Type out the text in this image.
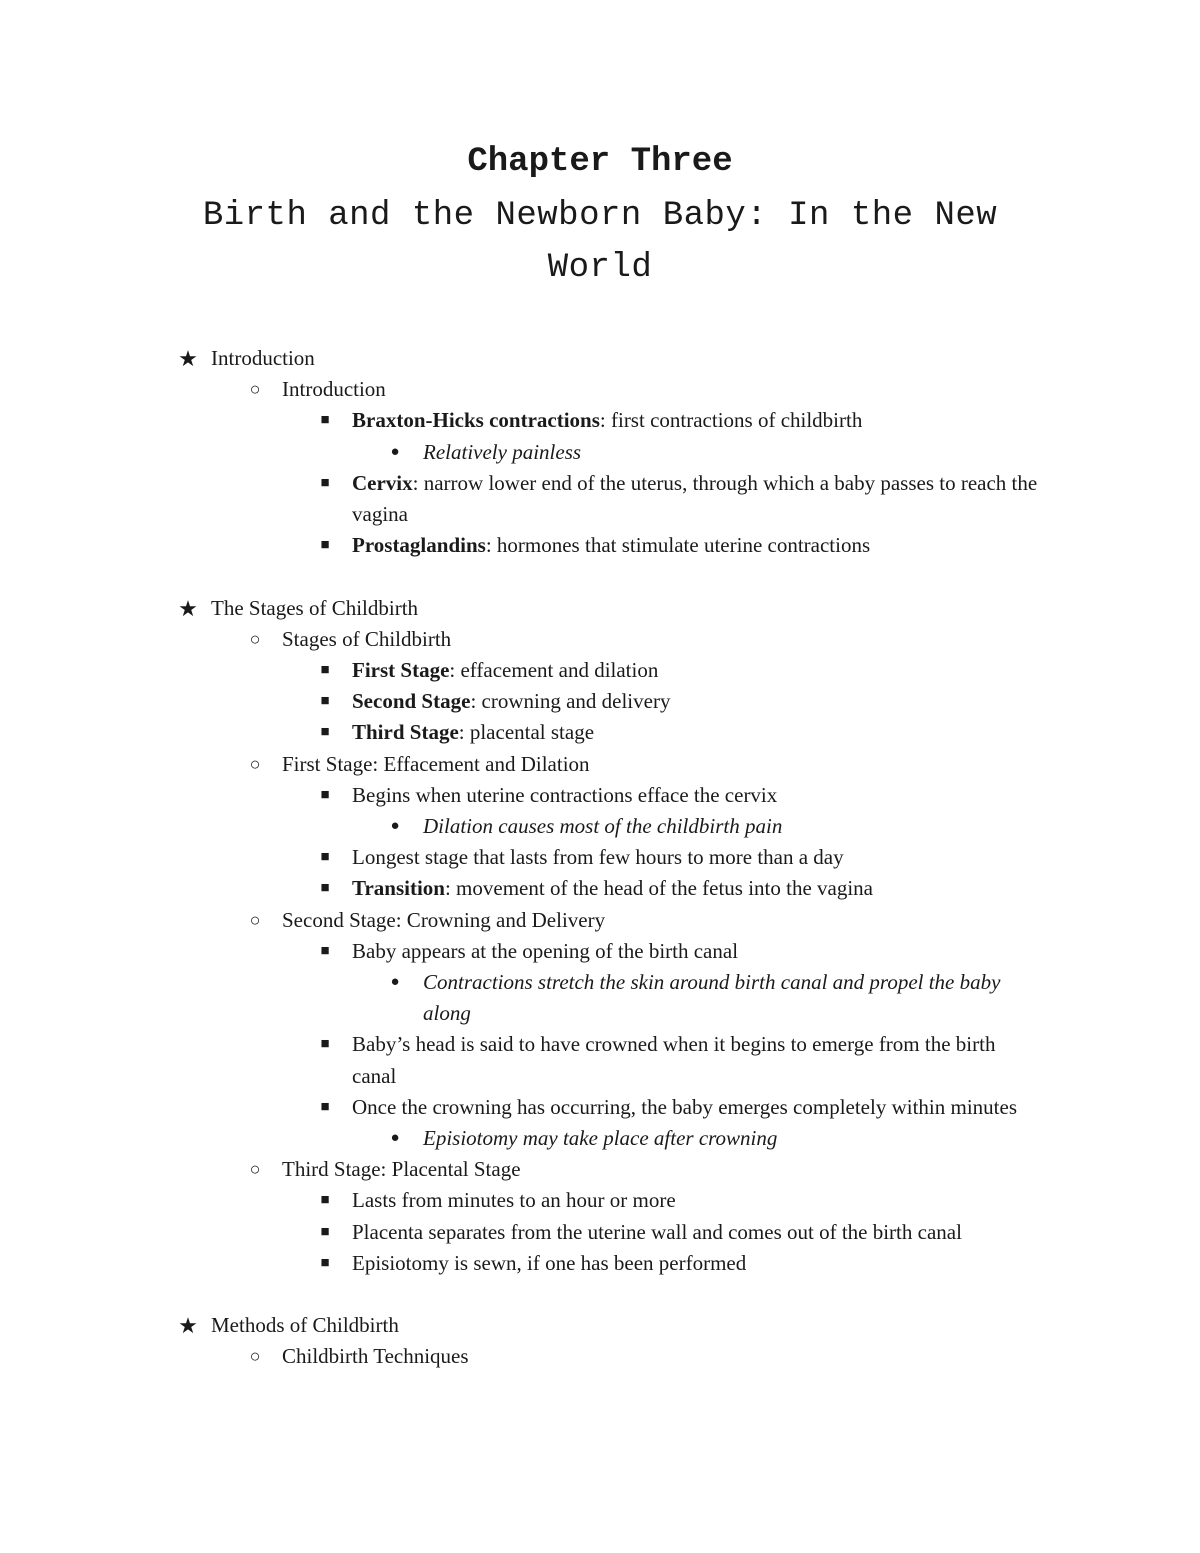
Chapter Three
Birth and the Newborn Baby: In the New World
★ Introduction
○ Introduction
■ Braxton-Hicks contractions: first contractions of childbirth
● Relatively painless
■ Cervix: narrow lower end of the uterus, through which a baby passes to reach the vagina
■ Prostaglandins: hormones that stimulate uterine contractions
★ The Stages of Childbirth
○ Stages of Childbirth
■ First Stage: effacement and dilation
■ Second Stage: crowning and delivery
■ Third Stage: placental stage
○ First Stage: Effacement and Dilation
■ Begins when uterine contractions efface the cervix
● Dilation causes most of the childbirth pain
■ Longest stage that lasts from few hours to more than a day
■ Transition: movement of the head of the fetus into the vagina
○ Second Stage: Crowning and Delivery
■ Baby appears at the opening of the birth canal
● Contractions stretch the skin around birth canal and propel the baby along
■ Baby’s head is said to have crowned when it begins to emerge from the birth canal
■ Once the crowning has occurring, the baby emerges completely within minutes
● Episiotomy may take place after crowning
○ Third Stage: Placental Stage
■ Lasts from minutes to an hour or more
■ Placenta separates from the uterine wall and comes out of the birth canal
■ Episiotomy is sewn, if one has been performed
★ Methods of Childbirth
○ Childbirth Techniques
